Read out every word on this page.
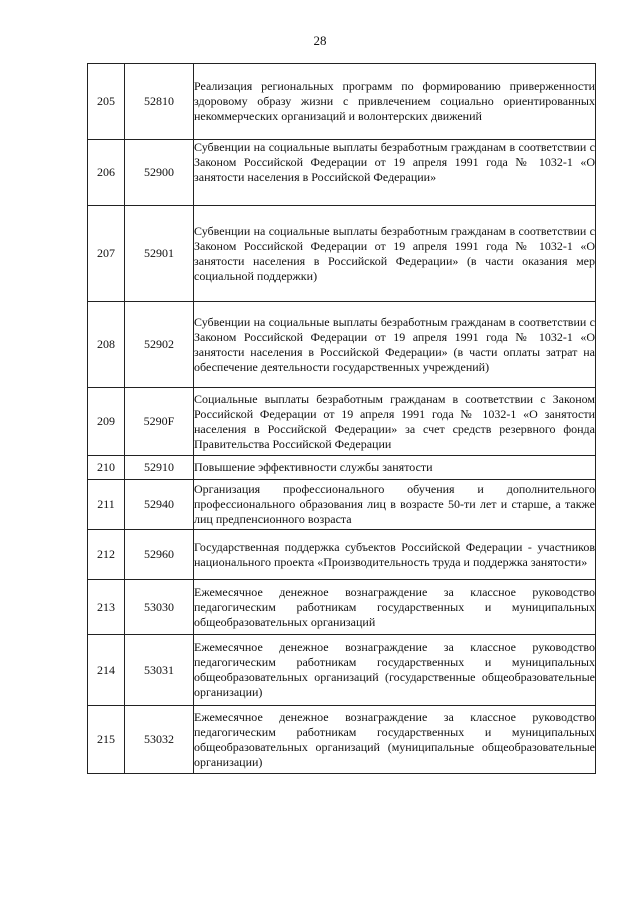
28
205	52810	Реализация региональных программ по формированию приверженности здоровому образу жизни с привлечением социально ориентированных некоммерческих организаций и волонтерских движений
206	52900	Субвенции на социальные выплаты безработным гражданам в соответствии с Законом Российской Федерации от 19 апреля 1991 года № 1032-1 «О занятости населения в Российской Федерации»
207	52901	Субвенции на социальные выплаты безработным гражданам в соответствии с Законом Российской Федерации от 19 апреля 1991 года № 1032-1 «О занятости населения в Российской Федерации» (в части оказания мер социальной поддержки)
208	52902	Субвенции на социальные выплаты безработным гражданам в соответствии с Законом Российской Федерации от 19 апреля 1991 года № 1032-1 «О занятости населения в Российской Федерации» (в части оплаты затрат на обеспечение деятельности государственных учреждений)
209	5290F	Социальные выплаты безработным гражданам в соответствии с Законом Российской Федерации от 19 апреля 1991 года № 1032-1 «О занятости населения в Российской Федерации» за счет средств резервного фонда Правительства Российской Федерации
210	52910	Повышение эффективности службы занятости
211	52940	Организация профессионального обучения и дополнительного профессионального образования лиц в возрасте 50-ти лет и старше, а также лиц предпенсионного возраста
212	52960	Государственная поддержка субъектов Российской Федерации - участников национального проекта «Производительность труда и поддержка занятости»
213	53030	Ежемесячное денежное вознаграждение за классное руководство педагогическим работникам государственных и муниципальных общеобразовательных организаций
214	53031	Ежемесячное денежное вознаграждение за классное руководство педагогическим работникам государственных и муниципальных общеобразовательных организаций (государственные общеобразовательные организации)
215	53032	Ежемесячное денежное вознаграждение за классное руководство педагогическим работникам государственных и муниципальных общеобразовательных организаций (муниципальные общеобразовательные организации)
